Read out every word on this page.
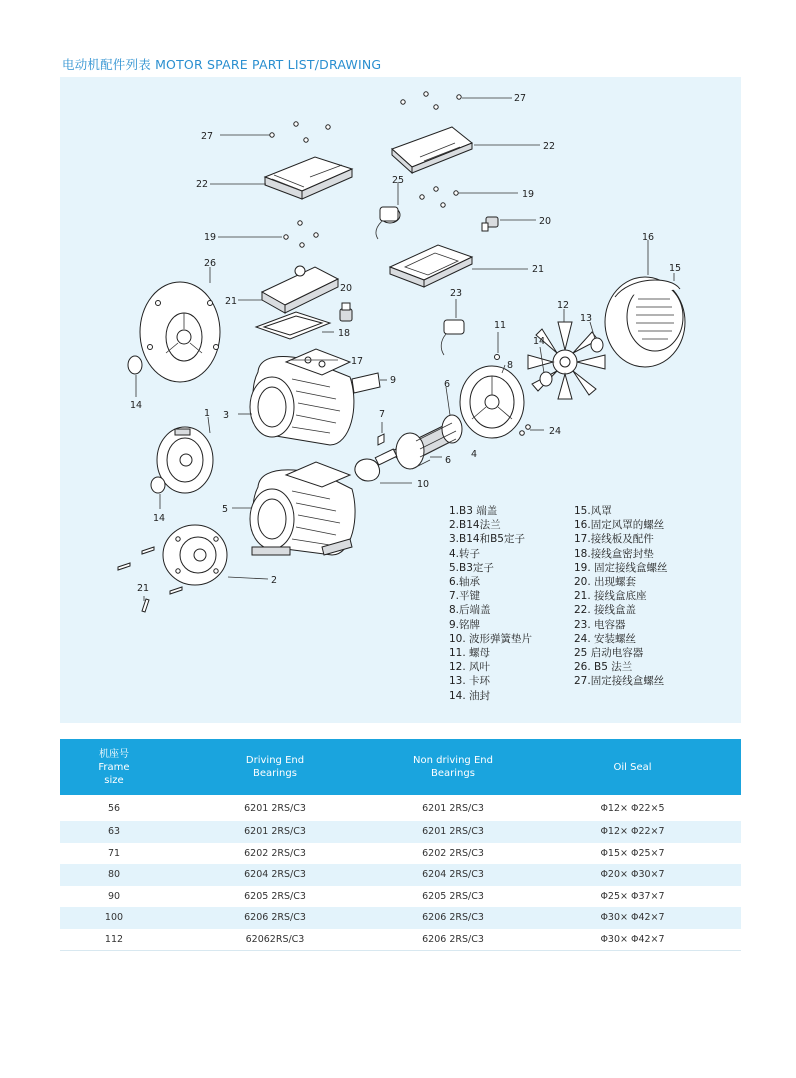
电动机配件列表 MOTOR SPARE PART LIST/DRAWING
27
22
27
22	25
19
19
20
21
16
15
26
21
20
18
23
11
12
13
14
8
17
14
9
1
6
3	7
4
24
6
10
5
14
2
21
1.B3 端盖
2.B14法兰
3.B14和B5定子
4.转子
5.B3定子
6.轴承
7.平键
8.后端盖
9.铭牌
10. 波形弹簧垫片
11. 螺母
12. 风叶
13. 卡环
14. 油封
15.风罩
16.固定风罩的螺丝
17.接线板及配件
18.接线盒密封垫
19. 固定接线盒螺丝
20. 出现螺套
21. 接线盒底座
22. 接线盒盖
23. 电容器
24. 安装螺丝
25 启动电容器
26. B5 法兰
27.固定接线盒螺丝
机座号
Frame size	Driving End Bearings	Non driving End Bearings	Oil Seal

56	6201 2RS/C3	6201 2RS/C3	Φ12× Φ22×5
63	6201 2RS/C3	6201 2RS/C3	Φ12× Φ22×7
71	6202 2RS/C3	6202 2RS/C3	Φ15× Φ25×7
80	6204 2RS/C3	6204 2RS/C3	Φ20× Φ30×7
90	6205 2RS/C3	6205 2RS/C3	Φ25× Φ37×7
100	6206 2RS/C3	6206 2RS/C3	Φ30× Φ42×7
112	62062RS/C3	6206 2RS/C3	Φ30× Φ42×7
